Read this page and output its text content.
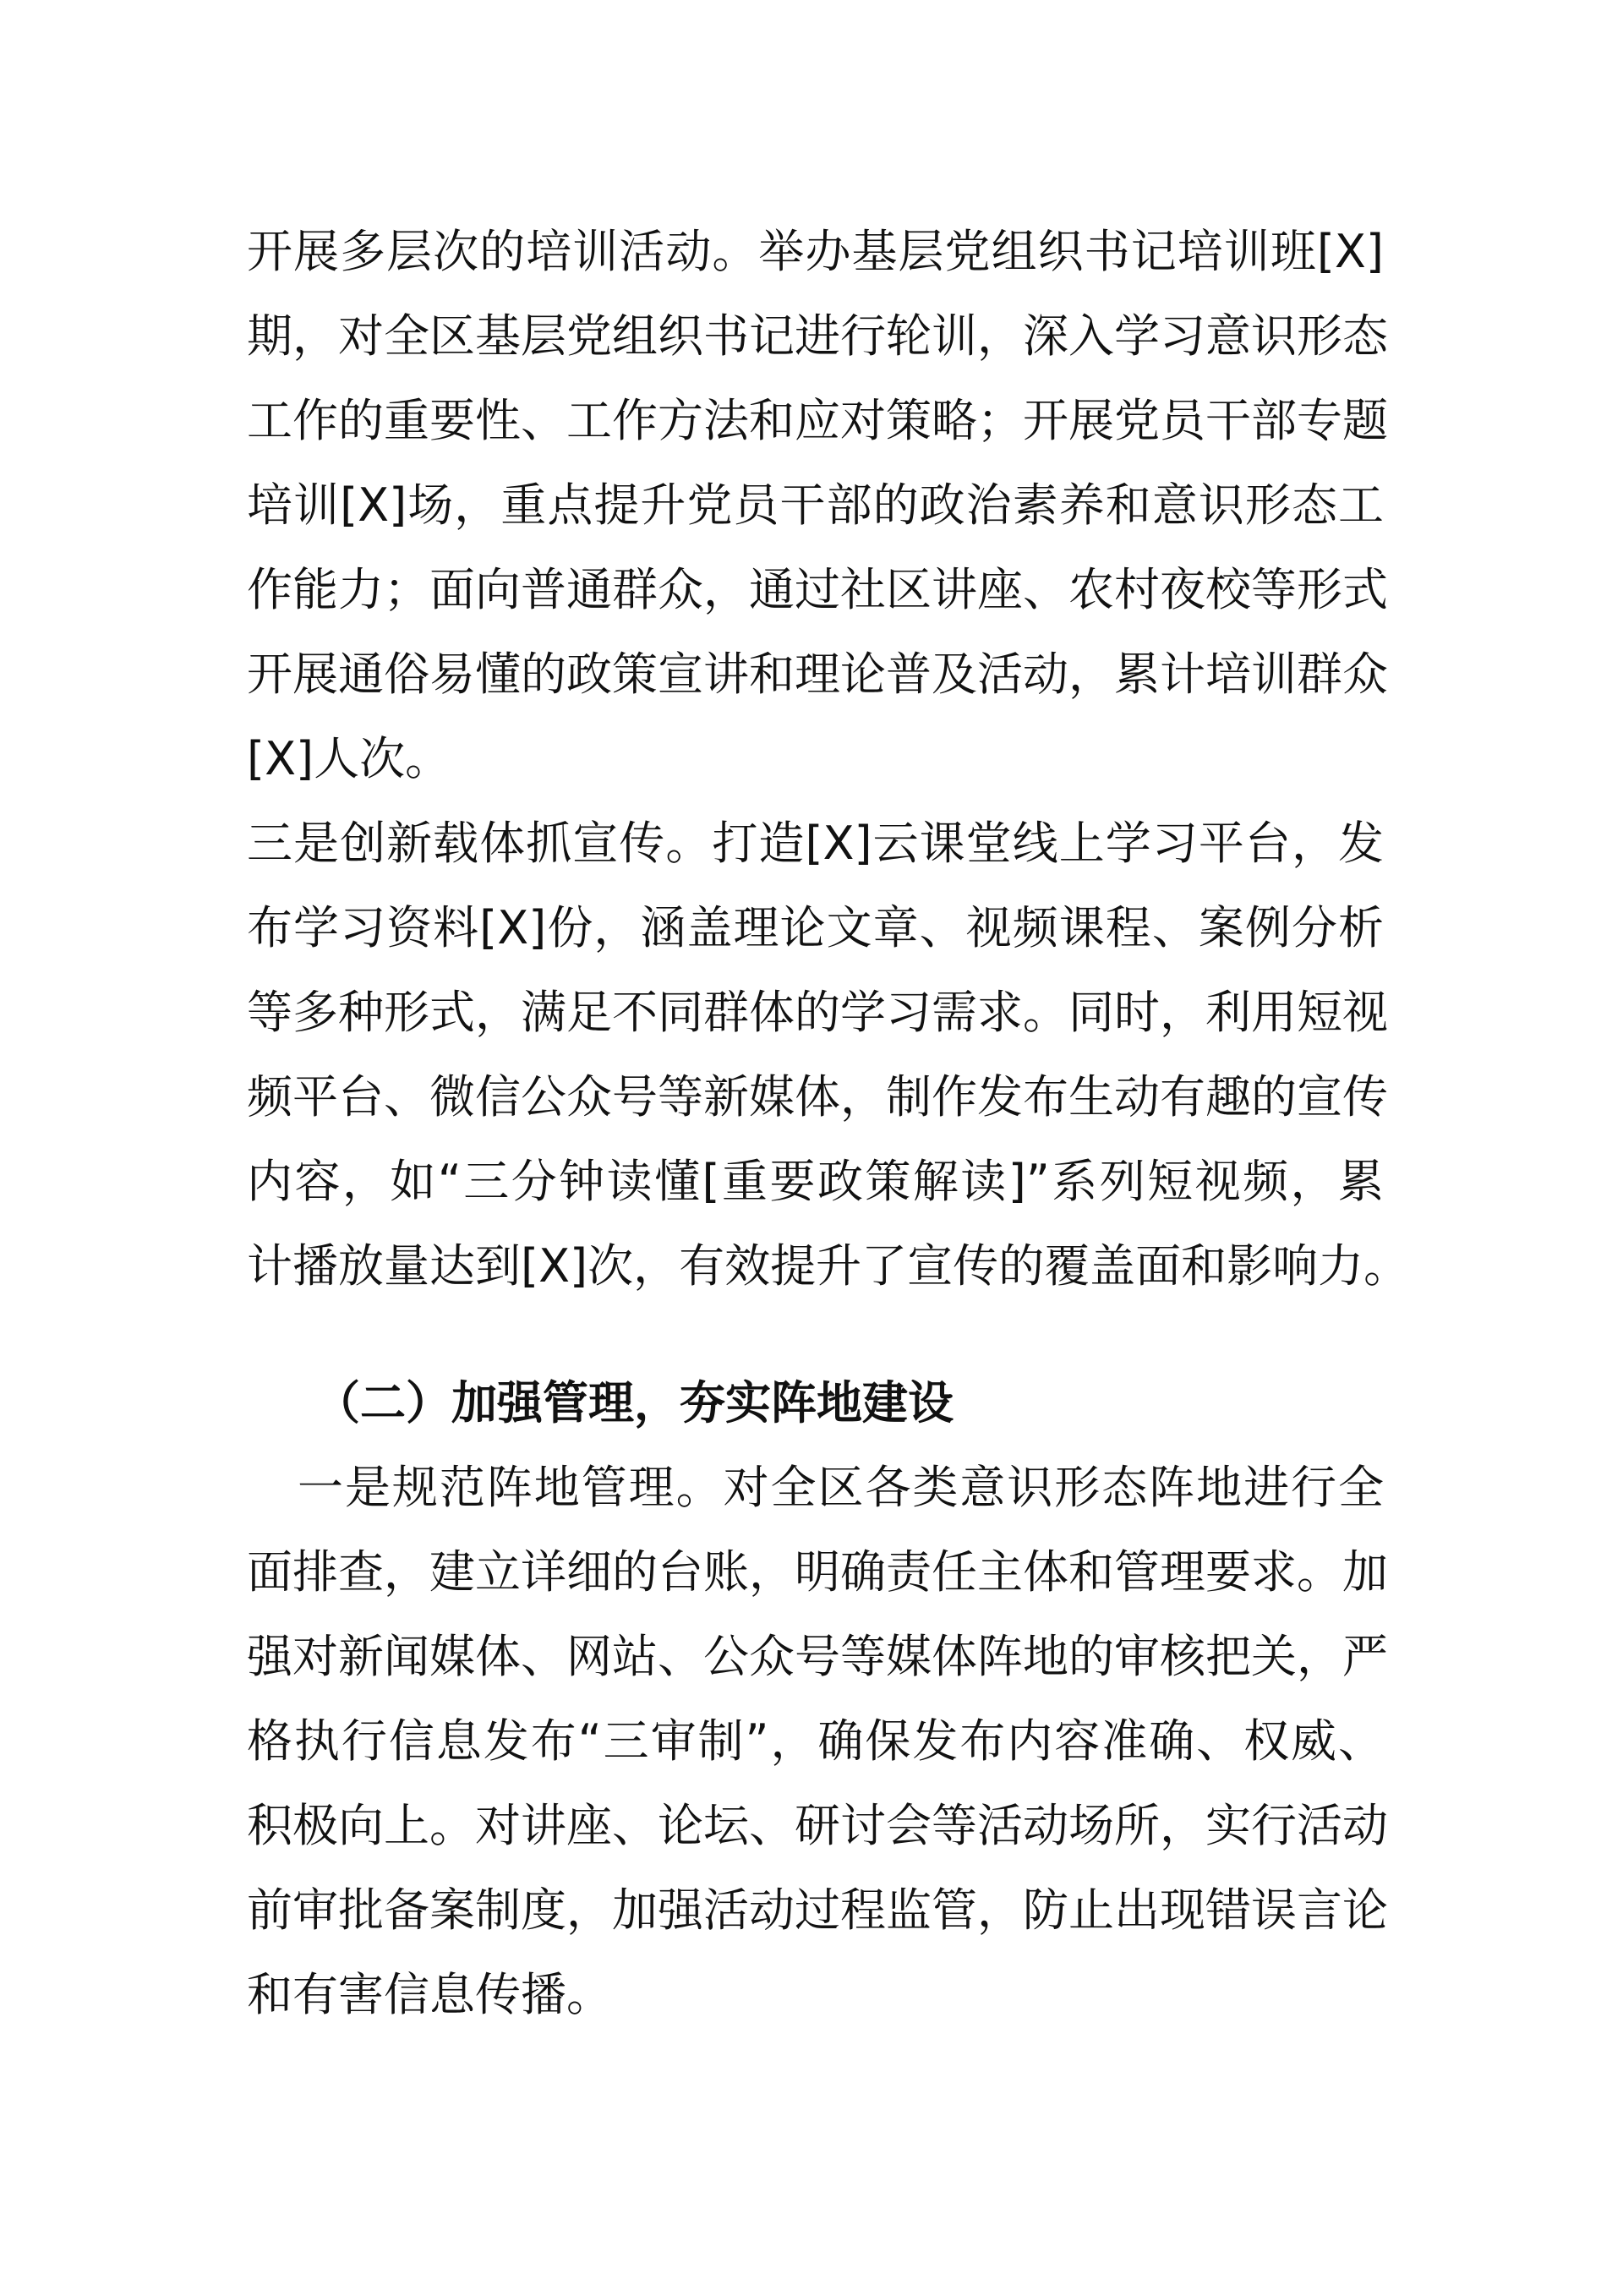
开展多层次的培训活动。举办基层党组织书记培训班[X]
期，对全区基层党组织书记进行轮训，深入学习意识形态
工作的重要性、工作方法和应对策略；开展党员干部专题
培训[X]场，重点提升党员干部的政治素养和意识形态工
作能力；面向普通群众，通过社区讲座、农村夜校等形式
开展通俗易懂的政策宣讲和理论普及活动，累计培训群众
[X]人次。
三是创新载体抓宣传。打造[X]云课堂线上学习平台，发
布学习资料[X]份，涵盖理论文章、视频课程、案例分析
等多种形式，满足不同群体的学习需求。同时，利用短视
频平台、微信公众号等新媒体，制作发布生动有趣的宣传
内容，如“三分钟读懂[重要政策解读]”系列短视频，累
计播放量达到[X]次，有效提升了宣传的覆盖面和影响力。
（二）加强管理，夯实阵地建设
一是规范阵地管理。对全区各类意识形态阵地进行全
面排查，建立详细的台账，明确责任主体和管理要求。加
强对新闻媒体、网站、公众号等媒体阵地的审核把关，严
格执行信息发布“三审制”，确保发布内容准确、权威、
积极向上。对讲座、论坛、研讨会等活动场所，实行活动
前审批备案制度，加强活动过程监管，防止出现错误言论
和有害信息传播。
